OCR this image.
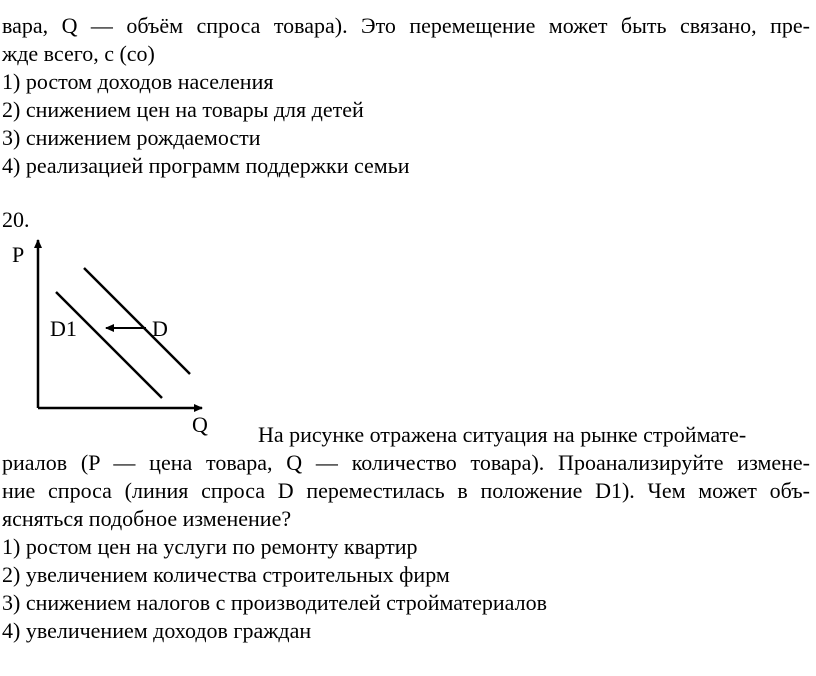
вара, Q — объём спроса товара). Это перемещение может быть связано, пре-
жде всего, с (со)
1) ростом доходов населения
2) снижением цен на товары для детей
3) снижением рождаемости
4) реализацией программ поддержки семьи
20.
P
Q
D1	D
На рисунке отражена ситуация на рынке строймате-
риалов (P — цена товара, Q — количество товара). Проанализируйте измене-
ние спроса (линия спроса D переместилась в положение D1). Чем может объ-
ясняться подобное изменение?
1) ростом цен на услуги по ремонту квартир
2) увеличением количества строительных фирм
3) снижением налогов с производителей стройматериалов
4) увеличением доходов граждан
